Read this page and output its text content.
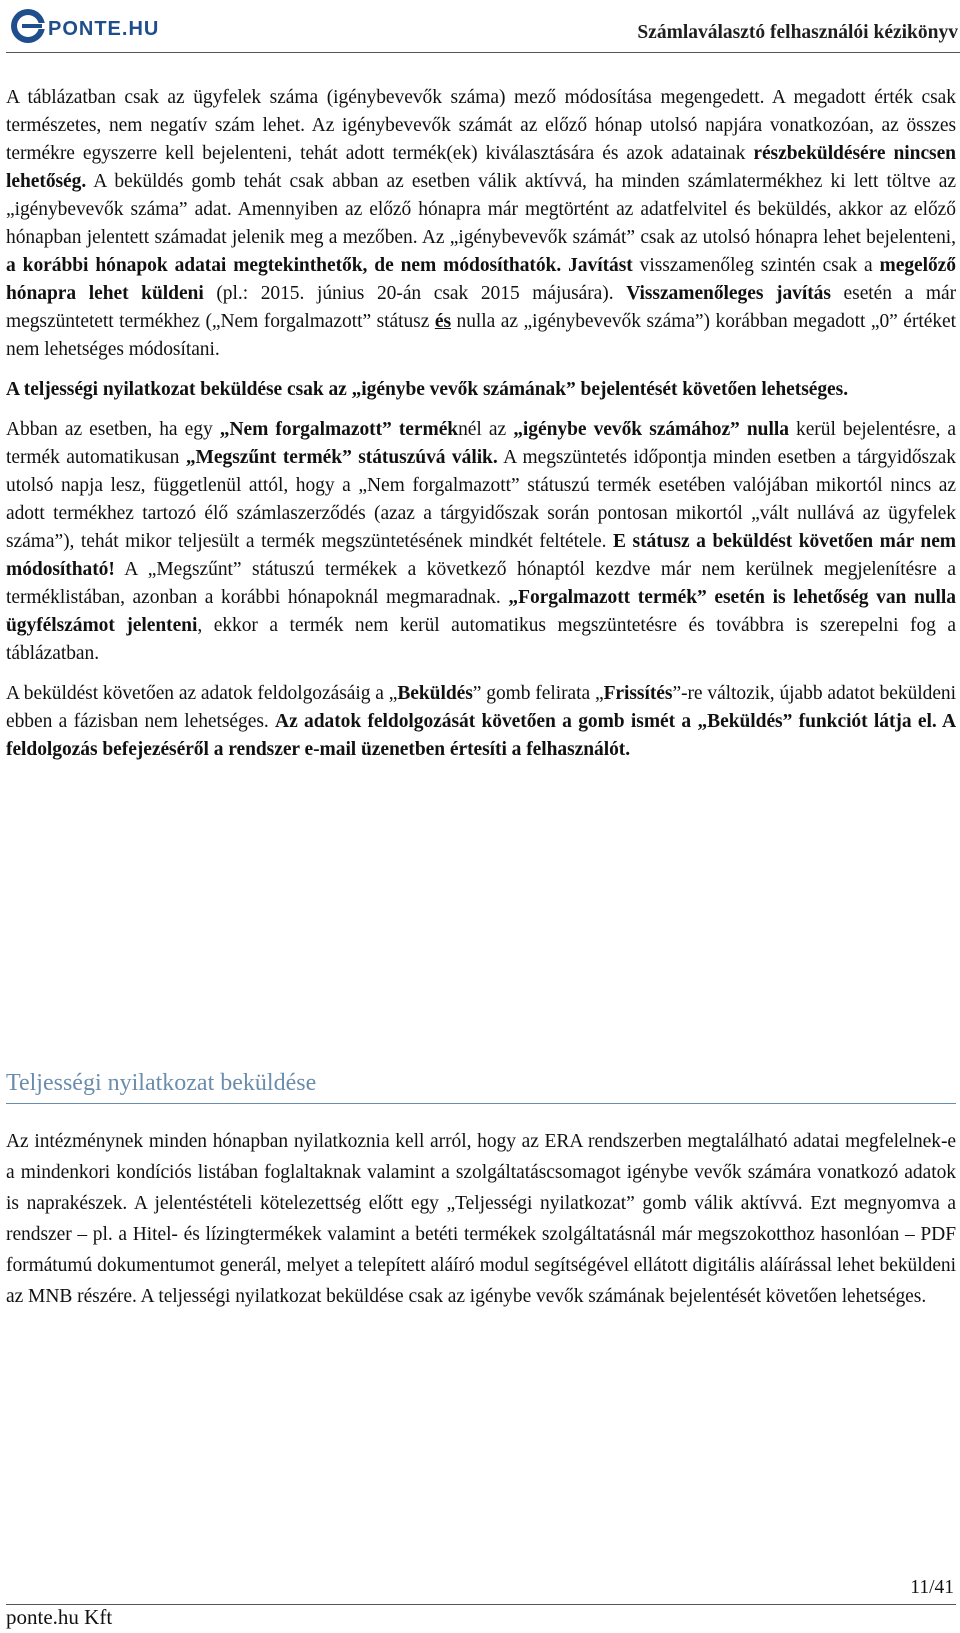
PONTE.HU	Számlaválasztó felhasználói kézikönyv

A táblázatban csak az ügyfelek száma (igénybevevők száma) mező módosítása megengedett. A megadott érték csak természetes, nem negatív szám lehet. Az igénybevevők számát az előző hónap utolsó napjára vonatkozóan, az összes termékre egyszerre kell bejelenteni, tehát adott termék(ek) kiválasztására és azok adatainak részbeküldésére nincsen lehetőség. A beküldés gomb tehát csak abban az esetben válik aktívvá, ha minden számlatermékhez ki lett töltve az „igénybevevők száma” adat. Amennyiben az előző hónapra már megtörtént az adatfelvitel és beküldés, akkor az előző hónapban jelentett számadat jelenik meg a mezőben. Az „igénybevevők számát” csak az utolsó hónapra lehet bejelenteni, a korábbi hónapok adatai megtekinthetők, de nem módosíthatók. Javítást visszamenőleg szintén csak a megelőző hónapra lehet küldeni (pl.: 2015. június 20-án csak 2015 májusára). Visszamenőleges javítás esetén a már megszüntetett termékhez („Nem forgalmazott” státusz és nulla az „igénybevevők száma”) korábban megadott „0” értéket nem lehetséges módosítani.

A teljességi nyilatkozat beküldése csak az „igénybe vevők számának” bejelentését követően lehetséges.

Abban az esetben, ha egy „Nem forgalmazott” terméknél az „igénybe vevők számához” nulla kerül bejelentésre, a termék automatikusan „Megszűnt termék” státuszúvá válik. A megszüntetés időpontja minden esetben a tárgyidőszak utolsó napja lesz, függetlenül attól, hogy a „Nem forgalmazott” státuszú termék esetében valójában mikortól nincs az adott termékhez tartozó élő számlaszerződés (azaz a tárgyidőszak során pontosan mikortól „vált nullává az ügyfelek száma”), tehát mikor teljesült a termék megszüntetésének mindkét feltétele. E státusz a beküldést követően már nem módosítható! A „Megszűnt” státuszú termékek a következő hónaptól kezdve már nem kerülnek megjelenítésre a terméklistában, azonban a korábbi hónapoknál megmaradnak. „Forgalmazott termék” esetén is lehetőség van nulla ügyfélszámot jelenteni, ekkor a termék nem kerül automatikus megszüntetésre és továbbra is szerepelni fog a táblázatban.

A beküldést követően az adatok feldolgozásáig a „Beküldés” gomb felirata „Frissítés”-re változik, újabb adatot beküldeni ebben a fázisban nem lehetséges. Az adatok feldolgozását követően a gomb ismét a „Beküldés” funkciót látja el. A feldolgozás befejezéséről a rendszer e-mail üzenetben értesíti a felhasználót.

Teljességi nyilatkozat beküldése

Az intézménynek minden hónapban nyilatkoznia kell arról, hogy az ERA rendszerben megtalálható adatai megfelelnek-e a mindenkori kondíciós listában foglaltaknak valamint a szolgáltatáscsomagot igénybe vevők számára vonatkozó adatok is naprakészek. A jelentéstételi kötelezettség előtt egy „Teljességi nyilatkozat” gomb válik aktívvá. Ezt megnyomva a rendszer – pl. a Hitel- és lízingtermékek valamint a betéti termékek szolgáltatásnál már megszokotthoz hasonlóan – PDF formátumú dokumentumot generál, melyet a telepített aláíró modul segítségével ellátott digitális aláírással lehet beküldeni az MNB részére. A teljességi nyilatkozat beküldése csak az igénybe vevők számának bejelentését követően lehetséges.

11/41
ponte.hu Kft
